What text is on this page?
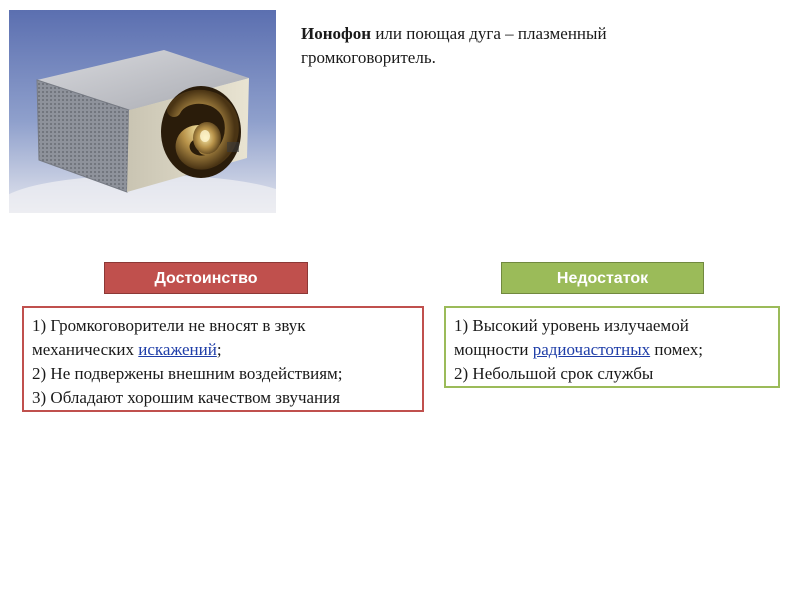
Ионофон или поющая дуга – плазменный
громкоговоритель.

Достоинство	Недостаток
1) Громкоговорители не вносят в звук
механических искажений;
2) Не подвержены внешним воздействиям;
3) Обладают хорошим качеством звучания
1) Высокий уровень излучаемой
мощности радиочастотных помех;
2) Небольшой срок службы
